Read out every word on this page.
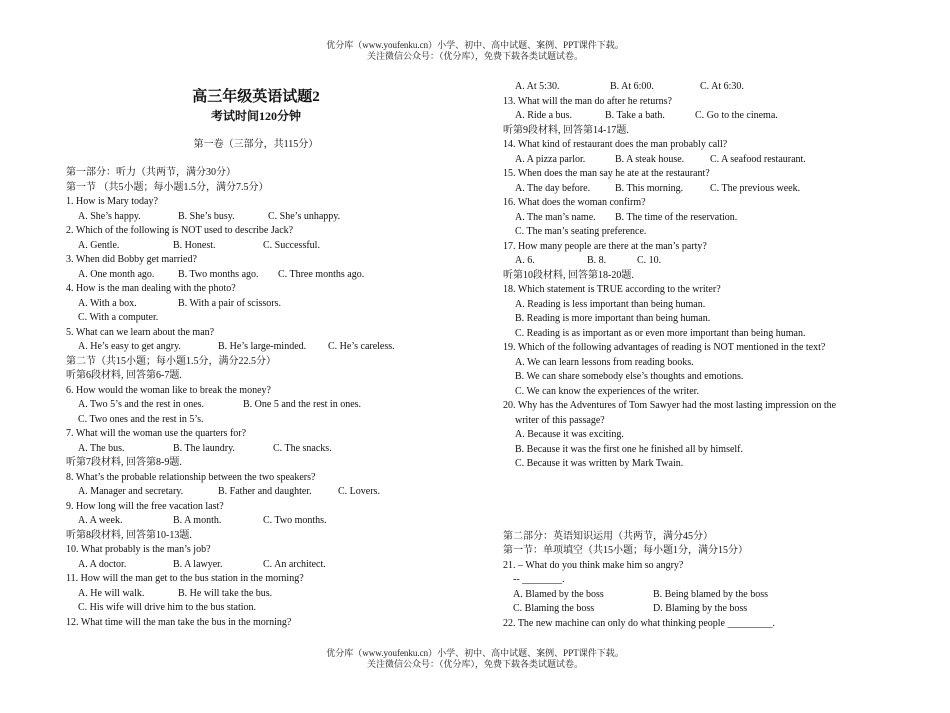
优分库（www.youfenku.cn）小学、初中、高中试题、案例、PPT课件下载。
关注微信公众号：（优分库），免费下载各类试题试卷。
高三年级英语试题2
考试时间120分钟
第一卷（三部分，共115分）
第一部分：听力（共两节，满分30分）
第一节 （共5小题；每小题1.5分，满分7.5分）
1. How is Mary today?
A. She’s happy.	B. She’s busy.	C. She’s unhappy.
2. Which of the following is NOT used to describe Jack?
A. Gentle.	B. Honest.	C. Successful.
3. When did Bobby get married?
A. One month ago. B. Two months ago. C. Three months ago.
4. How is the man dealing with the photo?
A. With a box.	B. With a pair of scissors.
C. With a computer.
5. What can we learn about the man?
A. He’s easy to get angry.	B. He’s large-minded. C. He’s careless.
第二节（共15小题；每小题1.5分，满分22.5分）
听第6段材料, 回答第6-7题.
6. How would the woman like to break the money?
A. Two 5’s and the rest in ones.	B. One 5 and the rest in ones.
C. Two ones and the rest in 5’s.
7. What will the woman use the quarters for?
A. The bus.	B. The laundry.	C. The snacks.
听第7段材料, 回答第8-9题.
8. What’s the probable relationship between the two speakers?
A. Manager and secretary.	B. Father and daughter.	C. Lovers.
9. How long will the free vacation last?
A. A week.	B. A month.	C. Two months.
听第8段材料, 回答第10-13题.
10. What probably is the man’s job?
A. A doctor.	B. A lawyer.	C. An architect.
11. How will the man get to the bus station in the morning?
A. He will walk.	B. He will take the bus.
C. His wife will drive him to the bus station.
12. What time will the man take the bus in the morning?
A. At 5:30.	B. At 6:00.	C. At 6:30.
13. What will the man do after he returns?
A. Ride a bus.	B. Take a bath.	C. Go to the cinema.
听第9段材料, 回答第14-17题.
14. What kind of restaurant does the man probably call?
A. A pizza parlor.	B. A steak house.	C. A seafood restaurant.
15. When does the man say he ate at the restaurant?
A. The day before. B. This morning.	C. The previous week.
16. What does the woman confirm?
A. The man’s name. B. The time of the reservation.
C. The man’s seating preference.
17. How many people are there at the man’s party?
A. 6.	B. 8.	C. 10.
听第10段材料, 回答第18-20题.
18. Which statement is TRUE according to the writer?
A. Reading is less important than being human.
B. Reading is more important than being human.
C. Reading is as important as or even more important than being human.
19. Which of the following advantages of reading is NOT mentioned in the text?
A. We can learn lessons from reading books.
B. We can share somebody else’s thoughts and emotions.
C. We can know the experiences of the writer.
20. Why has the Adventures of Tom Sawyer had the most lasting impression on the
writer of this passage?
A. Because it was exciting.
B. Because it was the first one he finished all by himself.
C. Because it was written by Mark Twain.
第二部分：英语知识运用（共两节，满分45分）
第一节：单项填空（共15小题；每小题1分，满分15分）
21. – What do you think make him so angry?
-- ________.
A. Blamed by the boss	B. Being blamed by the boss
C. Blaming the boss	D. Blaming by the boss
22. The new machine can only do what thinking people _________.
优分库（www.youfenku.cn）小学、初中、高中试题、案例、PPT课件下载。
关注微信公众号：（优分库），免费下载各类试题试卷。
